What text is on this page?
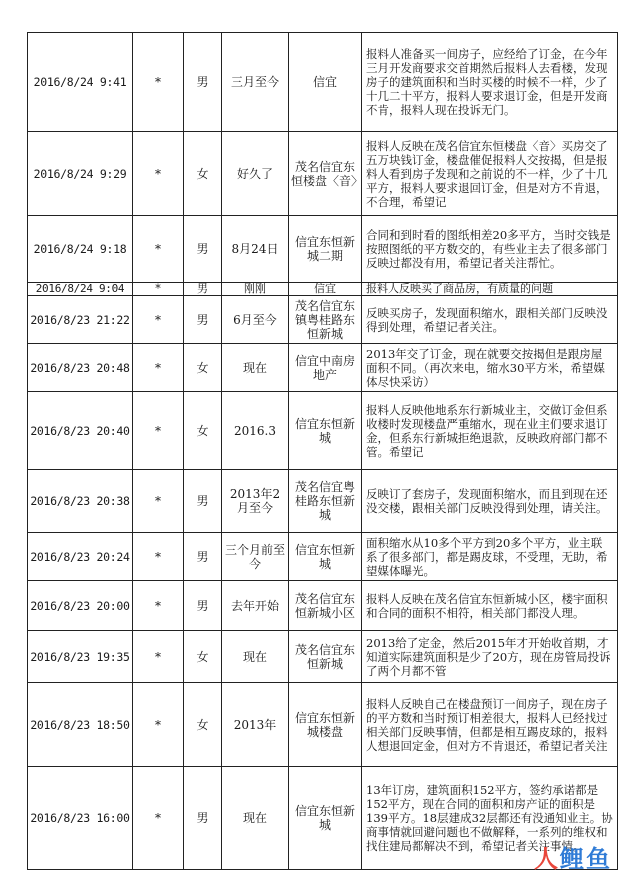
2016/8/24 9:41	*	男	三月至今	信宜	报料人准备买一间房子，应经给了订金，在今年三月开发商要求交首期然后报料人去看楼，发现房子的建筑面积和当时买楼的时候不一样，少了十几二十平方，报料人要求退订金，但是开发商不肯，报料人现在投诉无门。
2016/8/24 9:29	*	女	好久了	茂名信宜东恒楼盘〈音〉	报料人反映在茂名信宜东恒楼盘〈音〉买房交了五万块钱订金，楼盘催促报料人交按揭，但是报料人看到房子发现和之前说的不一样，少了十几平方，报料人要求退回订金，但是对方不肯退，不合理，希望记
2016/8/24 9:18	*	男	8月24日	信宜东恒新城二期	合同和到时看的图纸相差20多平方，当时交钱是按照图纸的平方数交的，有些业主去了很多部门反映过都没有用，希望记者关注帮忙。
2016/8/24 9:04	*	男	刚刚	信宜	报料人反映买了商品房，有质量的问题
2016/8/23 21:22	*	男	6月至今	茂名信宜东镇粤桂路东恒新城	反映买房子，发现面积缩水，跟相关部门反映没得到处理，希望记者关注。
2016/8/23 20:48	*	女	现在	信宜中南房地产	2013年交了订金，现在就要交按揭但是跟房屋面积不同。（再次来电，缩水30平方米，希望媒体尽快采访）
2016/8/23 20:40	*	女	2016.3	信宜东恒新城	报料人反映他地系东行新城业主，交做订金但系收楼时发现楼盘严重缩水，现在业主们要求退订金，但系东行新城拒绝退款，反映政府部门都不管。希望记
2016/8/23 20:38	*	男	2013年2月至今	茂名信宜粤桂路东恒新城	反映订了套房子，发现面积缩水，而且到现在还没交楼，跟相关部门反映没得到处理，请关注。
2016/8/23 20:24	*	男	三个月前至今	信宜东恒新城	面积缩水从10多个平方到20多个平方，业主联系了很多部门，都是踢皮球，不受理，无助，希望媒体曝光。
2016/8/23 20:00	*	男	去年开始	茂名信宜东恒新城小区	报料人反映在茂名信宜东恒新城小区，楼宇面积和合同的面积不相符，相关部门都没人理。
2016/8/23 19:35	*	女	现在	茂名信宜东恒新城	2013给了定金，然后2015年才开始收首期，才知道实际建筑面积是少了20方，现在房管局投诉了两个月都不管
2016/8/23 18:50	*	女	2013年	信宜东恒新城楼盘	报料人反映自己在楼盘预订一间房子，现在房子的平方数和当时预订相差很大，报料人已经找过相关部门反映事情，但都是相互踢皮球的，报料人想退回定金，但对方不肯退还，希望记者关注
2016/8/23 16:00	*	男	现在	信宜东恒新城	13年订房，建筑面积152平方，签约承诺都是152平方，现在合同的面积和房产证的面积是139平方。18层建成32层都还有没通知业主。协商事情就回避问题也不做解释，一系列的维权和找住建局都解决不到，希望记者关注事情。
人 鲤鱼
